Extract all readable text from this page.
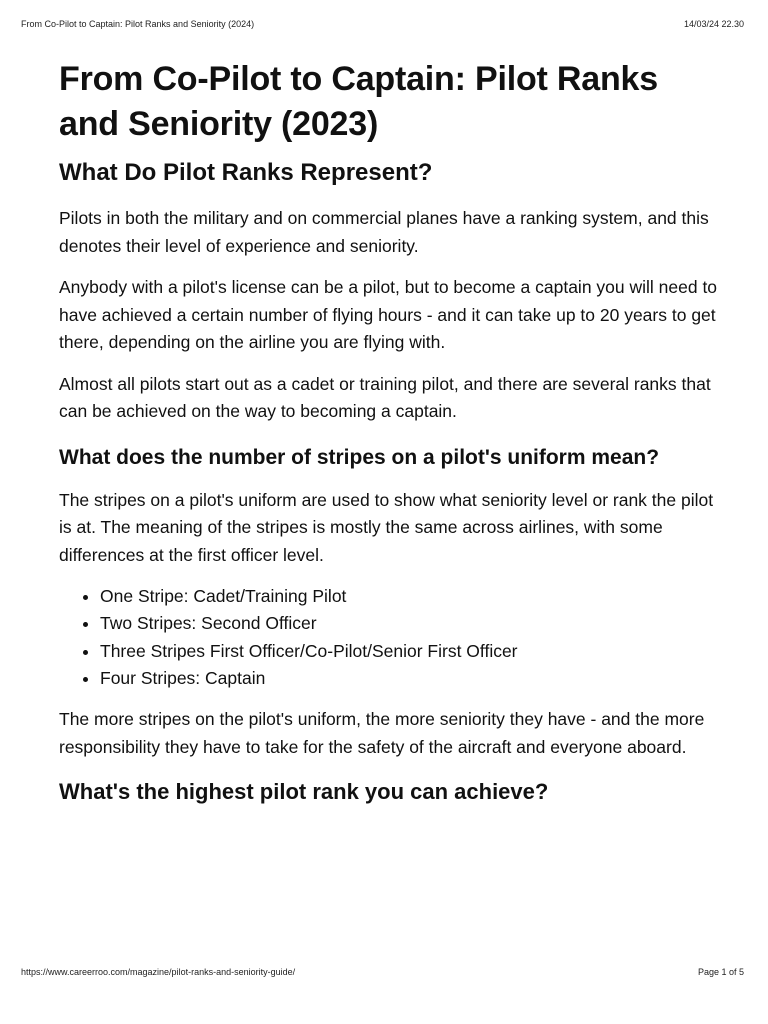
From Co-Pilot to Captain: Pilot Ranks and Seniority (2024)	14/03/24 22.30
From Co-Pilot to Captain: Pilot Ranks and Seniority (2023)
What Do Pilot Ranks Represent?

Pilots in both the military and on commercial planes have a ranking system, and this denotes their level of experience and seniority.

Anybody with a pilot's license can be a pilot, but to become a captain you will need to have achieved a certain number of flying hours - and it can take up to 20 years to get there, depending on the airline you are flying with.

Almost all pilots start out as a cadet or training pilot, and there are several ranks that can be achieved on the way to becoming a captain.

What does the number of stripes on a pilot's uniform mean?

The stripes on a pilot's uniform are used to show what seniority level or rank the pilot is at. The meaning of the stripes is mostly the same across airlines, with some differences at the first officer level.

• One Stripe: Cadet/Training Pilot
• Two Stripes: Second Officer
• Three Stripes First Officer/Co-Pilot/Senior First Officer
• Four Stripes: Captain

The more stripes on the pilot's uniform, the more seniority they have - and the more responsibility they have to take for the safety of the aircraft and everyone aboard.

What's the highest pilot rank you can achieve?
https://www.careerroo.com/magazine/pilot-ranks-and-seniority-guide/	Page 1 of 5
